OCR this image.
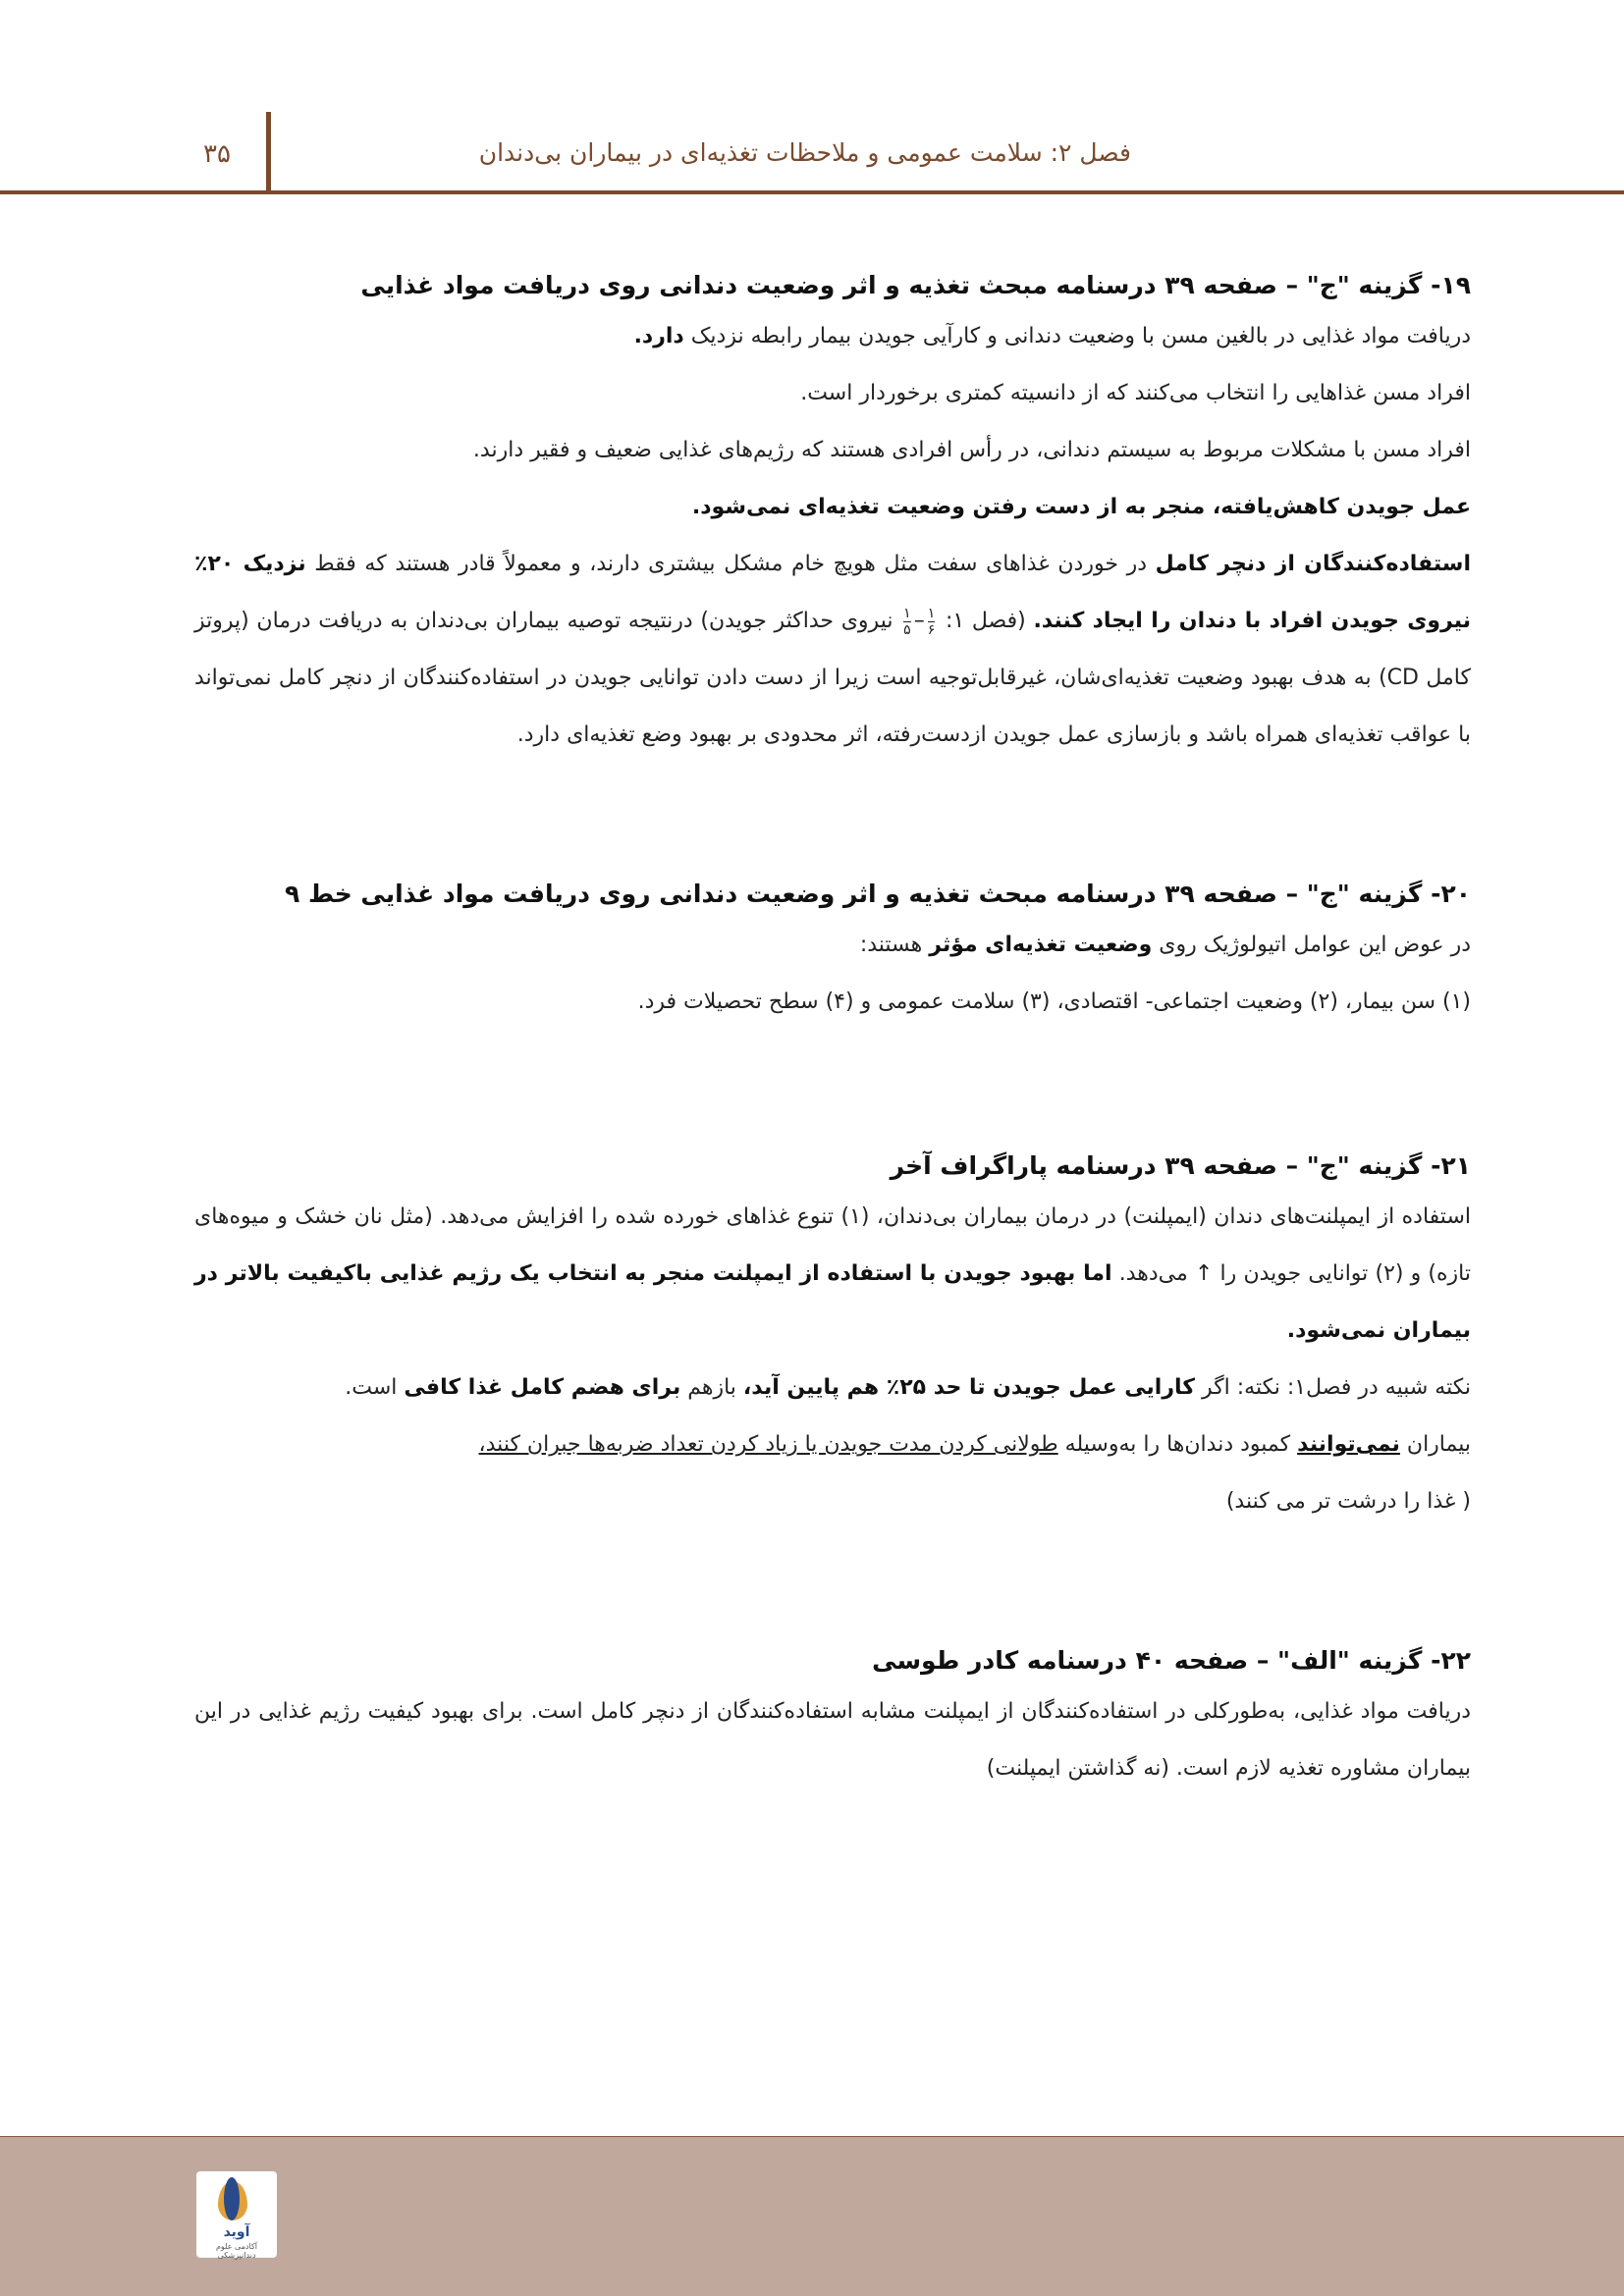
۳۵	فصل ۲: سلامت عمومی و ملاحظات تغذیه‌ای در بیماران بی‌دندان

۱۹- گزینه "ج" – صفحه ۳۹ درسنامه مبحث تغذیه و اثر وضعیت دندانی روی دریافت مواد غذایی

دریافت مواد غذایی در بالغین مسن با وضعیت دندانی و کارآیی جویدن بیمار رابطه نزدیک دارد.

افراد مسن غذاهایی را انتخاب می‌کنند که از دانسیته کمتری برخوردار است.

افراد مسن با مشکلات مربوط به سیستم دندانی، در رأس افرادی هستند که رژیم‌های غذایی ضعیف و فقیر دارند.

عمل جویدن کاهش‌یافته، منجر به از دست رفتن وضعیت تغذیه‌ای نمی‌شود.

استفاده‌کنندگان از دنچر کامل در خوردن غذاهای سفت مثل هویچ خام مشکل بیشتری دارند، و معمولاً قادر هستند که فقط نزدیک ۲۰٪ نیروی جویدن افراد با دندان را ایجاد کنند. (فصل ۱:
$\frac{۱}{۶}$
–
$\frac{۱}{۵}$
نیروی حداکثر جویدن) درنتیجه توصیه بیماران بی‌دندان به دریافت درمان (پروتز کامل CD) به هدف بهبود وضعیت تغذیه‌ای‌شان، غیرقابل‌توجیه است زیرا از دست دادن توانایی جویدن در استفاده‌کنندگان از دنچر کامل نمی‌تواند با عواقب تغذیه‌ای همراه باشد و بازسازی عمل جویدن ازدست‌رفته، اثر محدودی بر بهبود وضع تغذیه‌ای دارد.

۲۰- گزینه "ج" – صفحه ۳۹ درسنامه مبحث تغذیه و اثر وضعیت دندانی روی دریافت مواد غذایی خط ۹

در عوض این عوامل اتیولوژیک روی وضعیت تغذیه‌ای مؤثر هستند:

(۱) سن بیمار، (۲) وضعیت اجتماعی- اقتصادی، (۳) سلامت عمومی و (۴) سطح تحصیلات فرد.

۲۱- گزینه "ج" – صفحه ۳۹ درسنامه پاراگراف آخر

استفاده از ایمپلنت‌های دندان (ایمپلنت) در درمان بیماران بی‌دندان، (۱) تنوع غذاهای خورده شده را افزایش می‌دهد. (مثل نان خشک و میوه‌های تازه) و (۲) توانایی جویدن را ↑ می‌دهد. اما بهبود جویدن با استفاده از ایمپلنت منجر به انتخاب یک رژیم غذایی باکیفیت بالاتر در بیماران نمی‌شود.

نکته شبیه در فصل۱: نکته: اگر کارایی عمل جویدن تا حد ۲۵٪ هم پایین آید، بازهم برای هضم کامل غذا کافی است.

بیماران نمی‌توانند کمبود دندان‌ها را به‌وسیله طولانی کردن مدت جویدن یا زیاد کردن تعداد ضربه‌ها جبران کنند،

( غذا را درشت تر می کنند)

۲۲- گزینه "الف" – صفحه ۴۰ درسنامه کادر طوسی

دریافت مواد غذایی، به‌طورکلی در استفاده‌کنندگان از ایمپلنت مشابه استفاده‌کنندگان از دنچر کامل است. برای بهبود کیفیت رژیم غذایی در این بیماران مشاوره تغذیه لازم است. (نه گذاشتن ایمپلنت)

آوید
آکادمی علوم دندانپزشکی
